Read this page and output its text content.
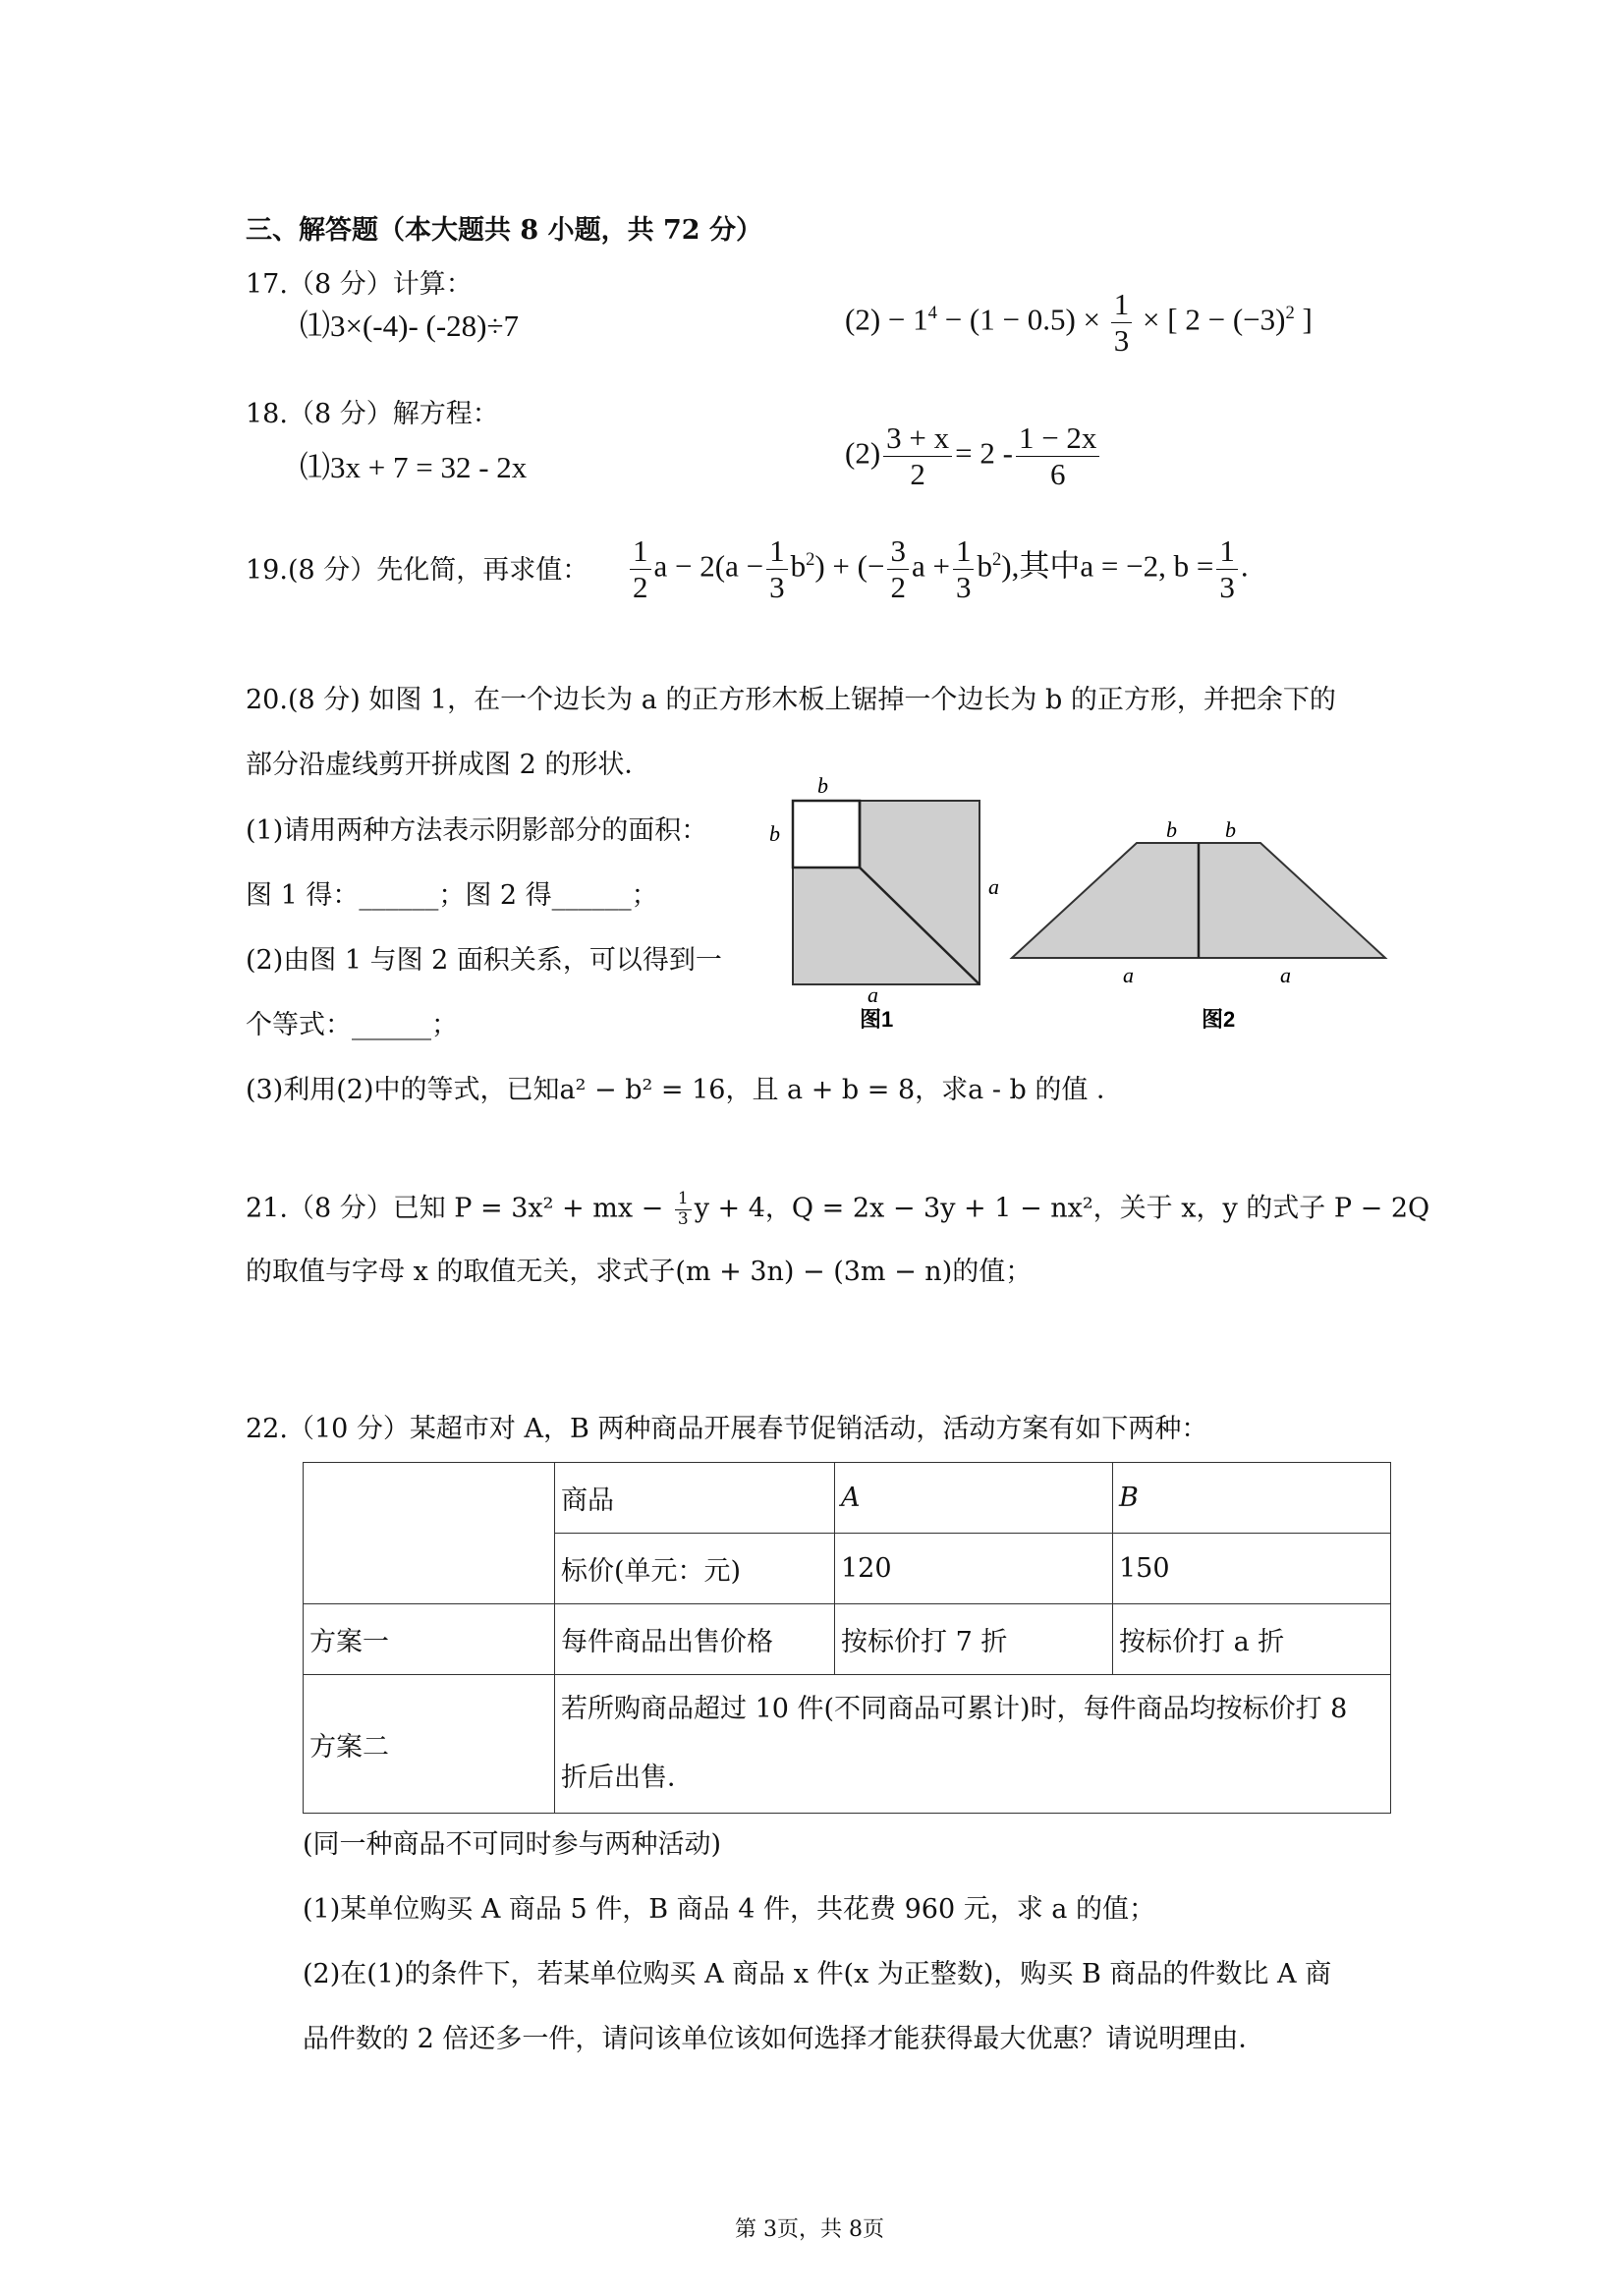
三、解答题（本大题共 8 小题，共 72 分）
17.（8 分）计算：
⑴3×(-4)- (-28)÷7	$(2) - 1^4 - (1 - 0.5) \times \frac{1}{3}$ × [ $2 - (-3)^2$ ]
18.（8 分）解方程：
⑴3x + 7 = 32 - 2x	$(2) \frac{3 + x}{2} = 2 - \frac{1 - 2x}{6}$
19.(8 分）先化简，再求值： $\frac{1}{2}$ $a - 2(a - \frac{1}{3} b^2)$ + (− $\frac{3}{2}$ $a + \frac{1}{3} b^2$),其中a = −2, $b = \frac{1}{3}$ .
20.(8 分) 如图 1，在一个边长为 a 的正方形木板上锯掉一个边长为 b 的正方形，并把余下的
部分沿虚线剪开拼成图 2 的形状．
(1)请用两种方法表示阴影部分的面积：
图 1 得：______；图 2 得______；
(2)由图 1 与图 2 面积关系，可以得到一
个等式：______；
(3)利用(2)中的等式，已知a² − b² = 16，且 a + b = 8，求a - b 的值 ．
b
b
a
a
图1
b b
a	a
图2
21.（8 分）已知 P = 3x² + mx − $\frac{1}{3}$ y + 4，Q = 2x − 3y + 1 − nx²，关于 x，y 的式子 P − 2Q
的取值与字母 x 的取值无关，求式子(m + 3n) − (3m − n)的值；
22.（10 分）某超市对 A，B 两种商品开展春节促销活动，活动方案有如下两种：
	商品	A	B
	标价(单元：元)	120	150
方案一	每件商品出售价格	按标价打 7 折	按标价打 a 折
方案二	若所购商品超过 10 件(不同商品可累计)时，每件商品均按标价打 8
折后出售．		
(同一种商品不可同时参与两种活动)
(1)某单位购买 A 商品 5 件，B 商品 4 件，共花费 960 元，求 a 的值；
(2)在(1)的条件下，若某单位购买 A 商品 x 件(x 为正整数)，购买 B 商品的件数比 A 商
品件数的 2 倍还多一件，请问该单位该如何选择才能获得最大优惠？请说明理由．
第 3页，共 8页
